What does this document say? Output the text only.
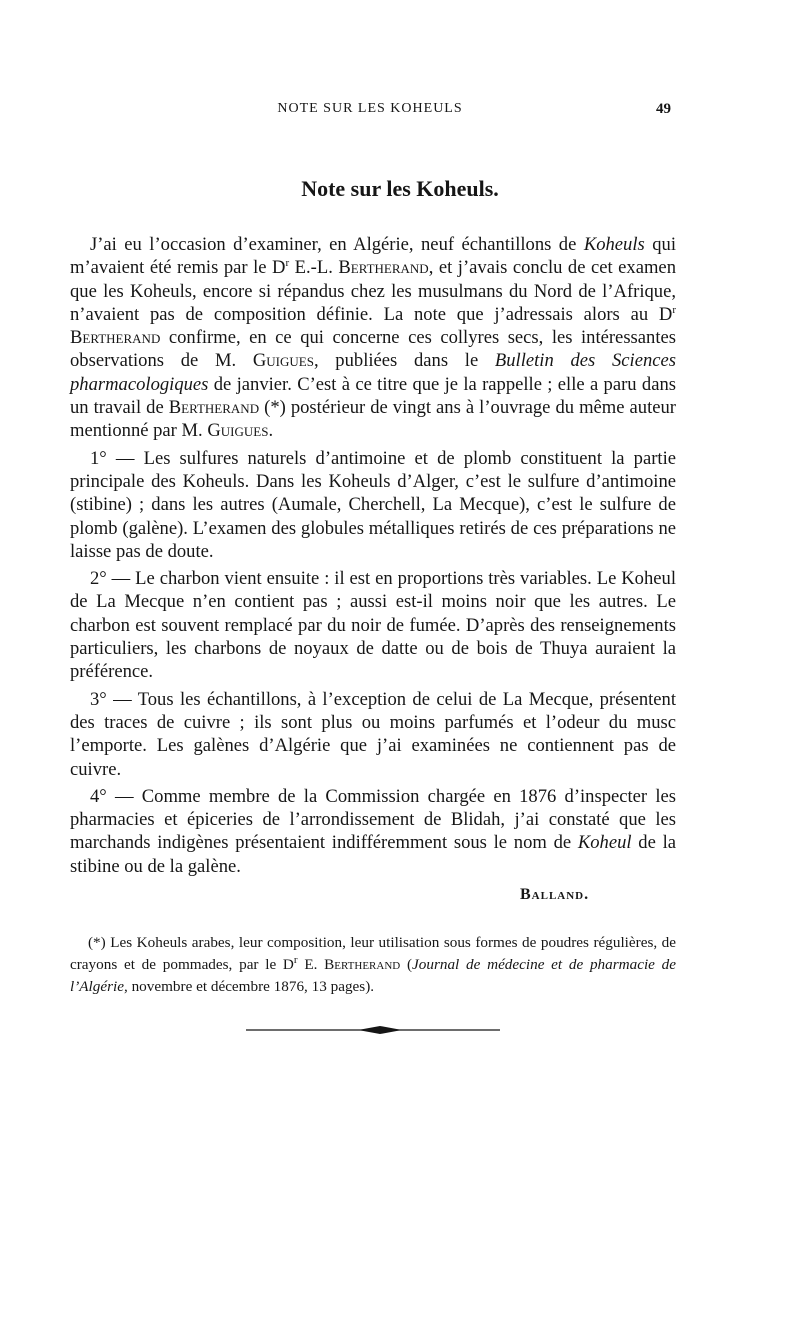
NOTE SUR LES KOHEULS	49
Note sur les Koheuls.

J’ai eu l’occasion d’examiner, en Algérie, neuf échantillons de Koheuls qui m’avaient été remis par le $D^r$ E.-L. Bertherand, et j’avais conclu de cet examen que les Koheuls, encore si répandus chez les musulmans du Nord de l’Afrique, n’avaient pas de composition définie. La note que j’adressais alors au $D^r$ Bertherand confirme, en ce qui concerne ces collyres secs, les intéressantes observations de M. Guigues, publiées dans le Bulletin des Sciences pharmacologiques de janvier. C’est à ce titre que je la rappelle ; elle a paru dans un travail de Bertherand (*) postérieur de vingt ans à l’ouvrage du même auteur mentionné par M. Guigues.

1° — Les sulfures naturels d’antimoine et de plomb constituent la partie principale des Koheuls. Dans les Koheuls d’Alger, c’est le sulfure d’antimoine (stibine) ; dans les autres (Aumale, Cherchell, La Mecque), c’est le sulfure de plomb (galène). L’examen des globules métalliques retirés de ces préparations ne laisse pas de doute.

2° — Le charbon vient ensuite : il est en proportions très variables. Le Koheul de La Mecque n’en contient pas ; aussi est-il moins noir que les autres. Le charbon est souvent remplacé par du noir de fumée. D’après des renseignements particuliers, les charbons de noyaux de datte ou de bois de Thuya auraient la préférence.

3° — Tous les échantillons, à l’exception de celui de La Mecque, présentent des traces de cuivre ; ils sont plus ou moins parfumés et l’odeur du musc l’emporte. Les galènes d’Algérie que j’ai examinées ne contiennent pas de cuivre.

4° — Comme membre de la Commission chargée en 1876 d’inspecter les pharmacies et épiceries de l’arrondissement de Blidah, j’ai constaté que les marchands indigènes présentaient indifféremment sous le nom de Koheul de la stibine ou de la galène.

Balland.
(*) Les Koheuls arabes, leur composition, leur utilisation sous formes de poudres régulières, de crayons et de pommades, par le $D^r$ E. Bertherand (Journal de médecine et de pharmacie de l’Algérie, novembre et décembre 1876, 13 pages).
